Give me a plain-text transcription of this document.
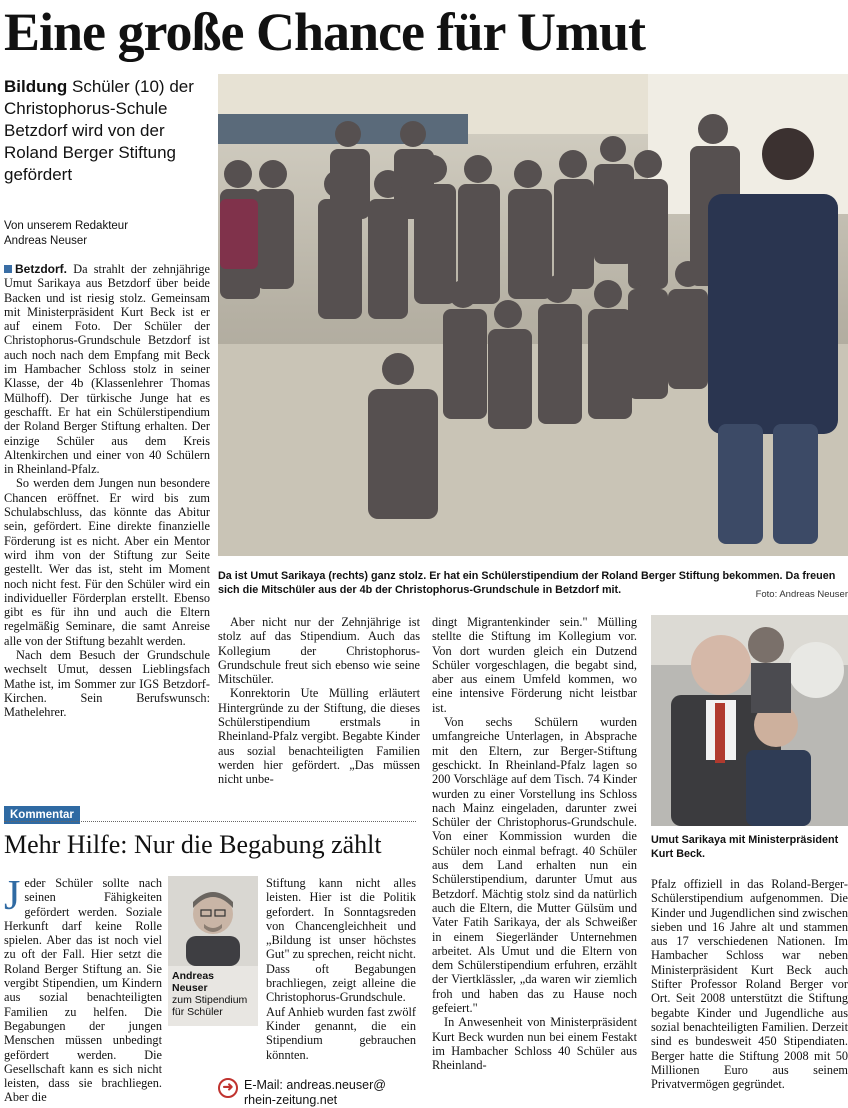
Eine große Chance für Umut
Bildung Schüler (10) der Christophorus-Schule Betzdorf wird von der Roland Berger Stiftung gefördert
Von unserem Redakteur
Andreas Neuser

Betzdorf. Da strahlt der zehnjährige Umut Sarikaya aus Betzdorf über beide Backen und ist riesig stolz. Gemeinsam mit Ministerpräsident Kurt Beck ist er auf einem Foto. Der Schüler der Christophorus-Grundschule Betzdorf ist auch noch nach dem Empfang mit Beck im Hambacher Schloss stolz in seiner Klasse, der 4b (Klassenlehrer Thomas Mülhoff). Der türkische Junge hat es geschafft. Er hat ein Schülerstipendium der Roland Berger Stiftung erhalten. Der einzige Schüler aus dem Kreis Altenkirchen und einer von 40 Schülern in Rheinland-Pfalz.

So werden dem Jungen nun besondere Chancen eröffnet. Er wird bis zum Schulabschluss, das könnte das Abitur sein, gefördert. Eine direkte finanzielle Förderung ist es nicht. Aber ein Mentor wird ihm von der Stiftung zur Seite gestellt. Wer das ist, steht im Moment noch nicht fest. Für den Schüler wird ein individueller Förderplan erstellt. Ebenso gibt es für ihn und auch die Eltern regelmäßig Seminare, die samt Anreise alle von der Stiftung bezahlt werden.

Nach dem Besuch der Grundschule wechselt Umut, dessen Lieblingsfach Mathe ist, im Sommer zur IGS Betzdorf-Kirchen. Sein Berufswunsch: Mathelehrer.

Da ist Umut Sarikaya (rechts) ganz stolz. Er hat ein Schülerstipendium der Roland Berger Stiftung bekommen. Da freuen sich die Mitschüler aus der 4b der Christophorus-Grundschule in Betzdorf mit.	Foto: Andreas Neuser

Aber nicht nur der Zehnjährige ist stolz auf das Stipendium. Auch das Kollegium der Christophorus-Grundschule freut sich ebenso wie seine Mitschüler.

Konrektorin Ute Mülling erläutert Hintergründe zu der Stiftung, die dieses Schülerstipendium erstmals in Rheinland-Pfalz vergibt. Begabte Kinder aus sozial benachteiligten Familien werden hier gefördert. „Das müssen nicht unbe-

dingt Migrantenkinder sein." Mülling stellte die Stiftung im Kollegium vor. Von dort wurden gleich ein Dutzend Schüler vorgeschlagen, die begabt sind, aber aus einem Umfeld kommen, wo eine intensive Förderung nicht leistbar ist.

Von sechs Schülern wurden umfangreiche Unterlagen, in Absprache mit den Eltern, zur Berger-Stiftung geschickt. In Rheinland-Pfalz lagen so 200 Vorschläge auf dem Tisch. 74 Kinder wurden zu einer Vorstellung ins Schloss nach Mainz eingeladen, darunter zwei Schüler der Christophorus-Grundschule. Von einer Kommission wurden die Schüler noch einmal befragt. 40 Schüler aus dem Land erhalten nun ein Schülerstipendium, darunter Umut aus Betzdorf. Mächtig stolz sind da natürlich auch die Eltern, die Mutter Gülsüm und Vater Fatih Sarikaya, der als Schweißer in einem Siegerländer Unternehmen arbeitet. Als Umut und die Eltern von dem Schülerstipendium erfuhren, erzählt der Viertklässler, „da waren wir ziemlich froh und haben das zu Hause noch gefeiert."

In Anwesenheit von Ministerpräsident Kurt Beck wurden nun bei einem Festakt im Hambacher Schloss 40 Schüler aus Rheinland-

Umut Sarikaya mit Ministerpräsident Kurt Beck.

Pfalz offiziell in das Roland-Berger-Schülerstipendium aufgenommen. Die Kinder und Jugendlichen sind zwischen sieben und 16 Jahre alt und stammen aus 17 verschiedenen Nationen. Im Hambacher Schloss war neben Ministerpräsident Kurt Beck auch Stifter Professor Roland Berger vor Ort. Seit 2008 unterstützt die Stiftung begabte Kinder und Jugendliche aus sozial benachteiligten Familien. Derzeit sind es bundesweit 450 Stipendiaten. Berger hatte die Stiftung 2008 mit 50 Millionen Euro aus seinem Privatvermögen gegründet.

Kommentar
Mehr Hilfe: Nur die Begabung zählt
J eder Schüler sollte nach seinen Fähigkeiten gefördert werden. Soziale Herkunft darf keine Rolle spielen. Aber das ist noch viel zu oft der Fall. Hier setzt die Roland Berger Stiftung an. Sie vergibt Stipendien, um Kindern aus sozial benachteiligten Familien zu helfen. Die Begabungen der jungen Menschen müssen unbedingt gefördert werden. Die Gesellschaft kann es sich nicht leisten, dass sie brachliegen. Aber die
Andreas
Neuser
zum Stipendium für Schüler
Stiftung kann nicht alles leisten. Hier ist die Politik gefordert. In Sonntagsreden von Chancengleichheit und „Bildung ist unser höchstes Gut" zu sprechen, reicht nicht. Dass oft Begabungen brachliegen, zeigt alleine die Christophorus-Grundschule. Auf Anhieb wurden fast zwölf Kinder genannt, die ein Stipendium gebrauchen könnten.
➜ E-Mail: andreas.neuser@
rhein-zeitung.net
